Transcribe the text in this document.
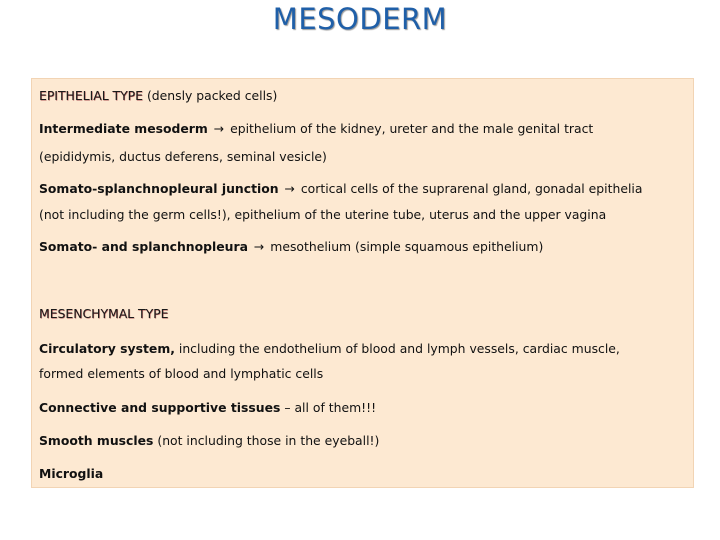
MESODERM
EPITHELIAL TYPE (densly packed cells)
Intermediate mesoderm → epithelium of the kidney, ureter and the male genital tract
(epididymis, ductus deferens, seminal vesicle)
Somato-splanchnopleural junction → cortical cells of the suprarenal gland, gonadal epithelia
(not including the germ cells!), epithelium of the uterine tube, uterus and the upper vagina
Somato- and splanchnopleura → mesothelium (simple squamous epithelium)
MESENCHYMAL TYPE
Circulatory system, including the endothelium of blood and lymph vessels, cardiac muscle,
formed elements of blood and lymphatic cells
Connective and supportive tissues – all of them!!!
Smooth muscles (not including those in the eyeball!)
Microglia
